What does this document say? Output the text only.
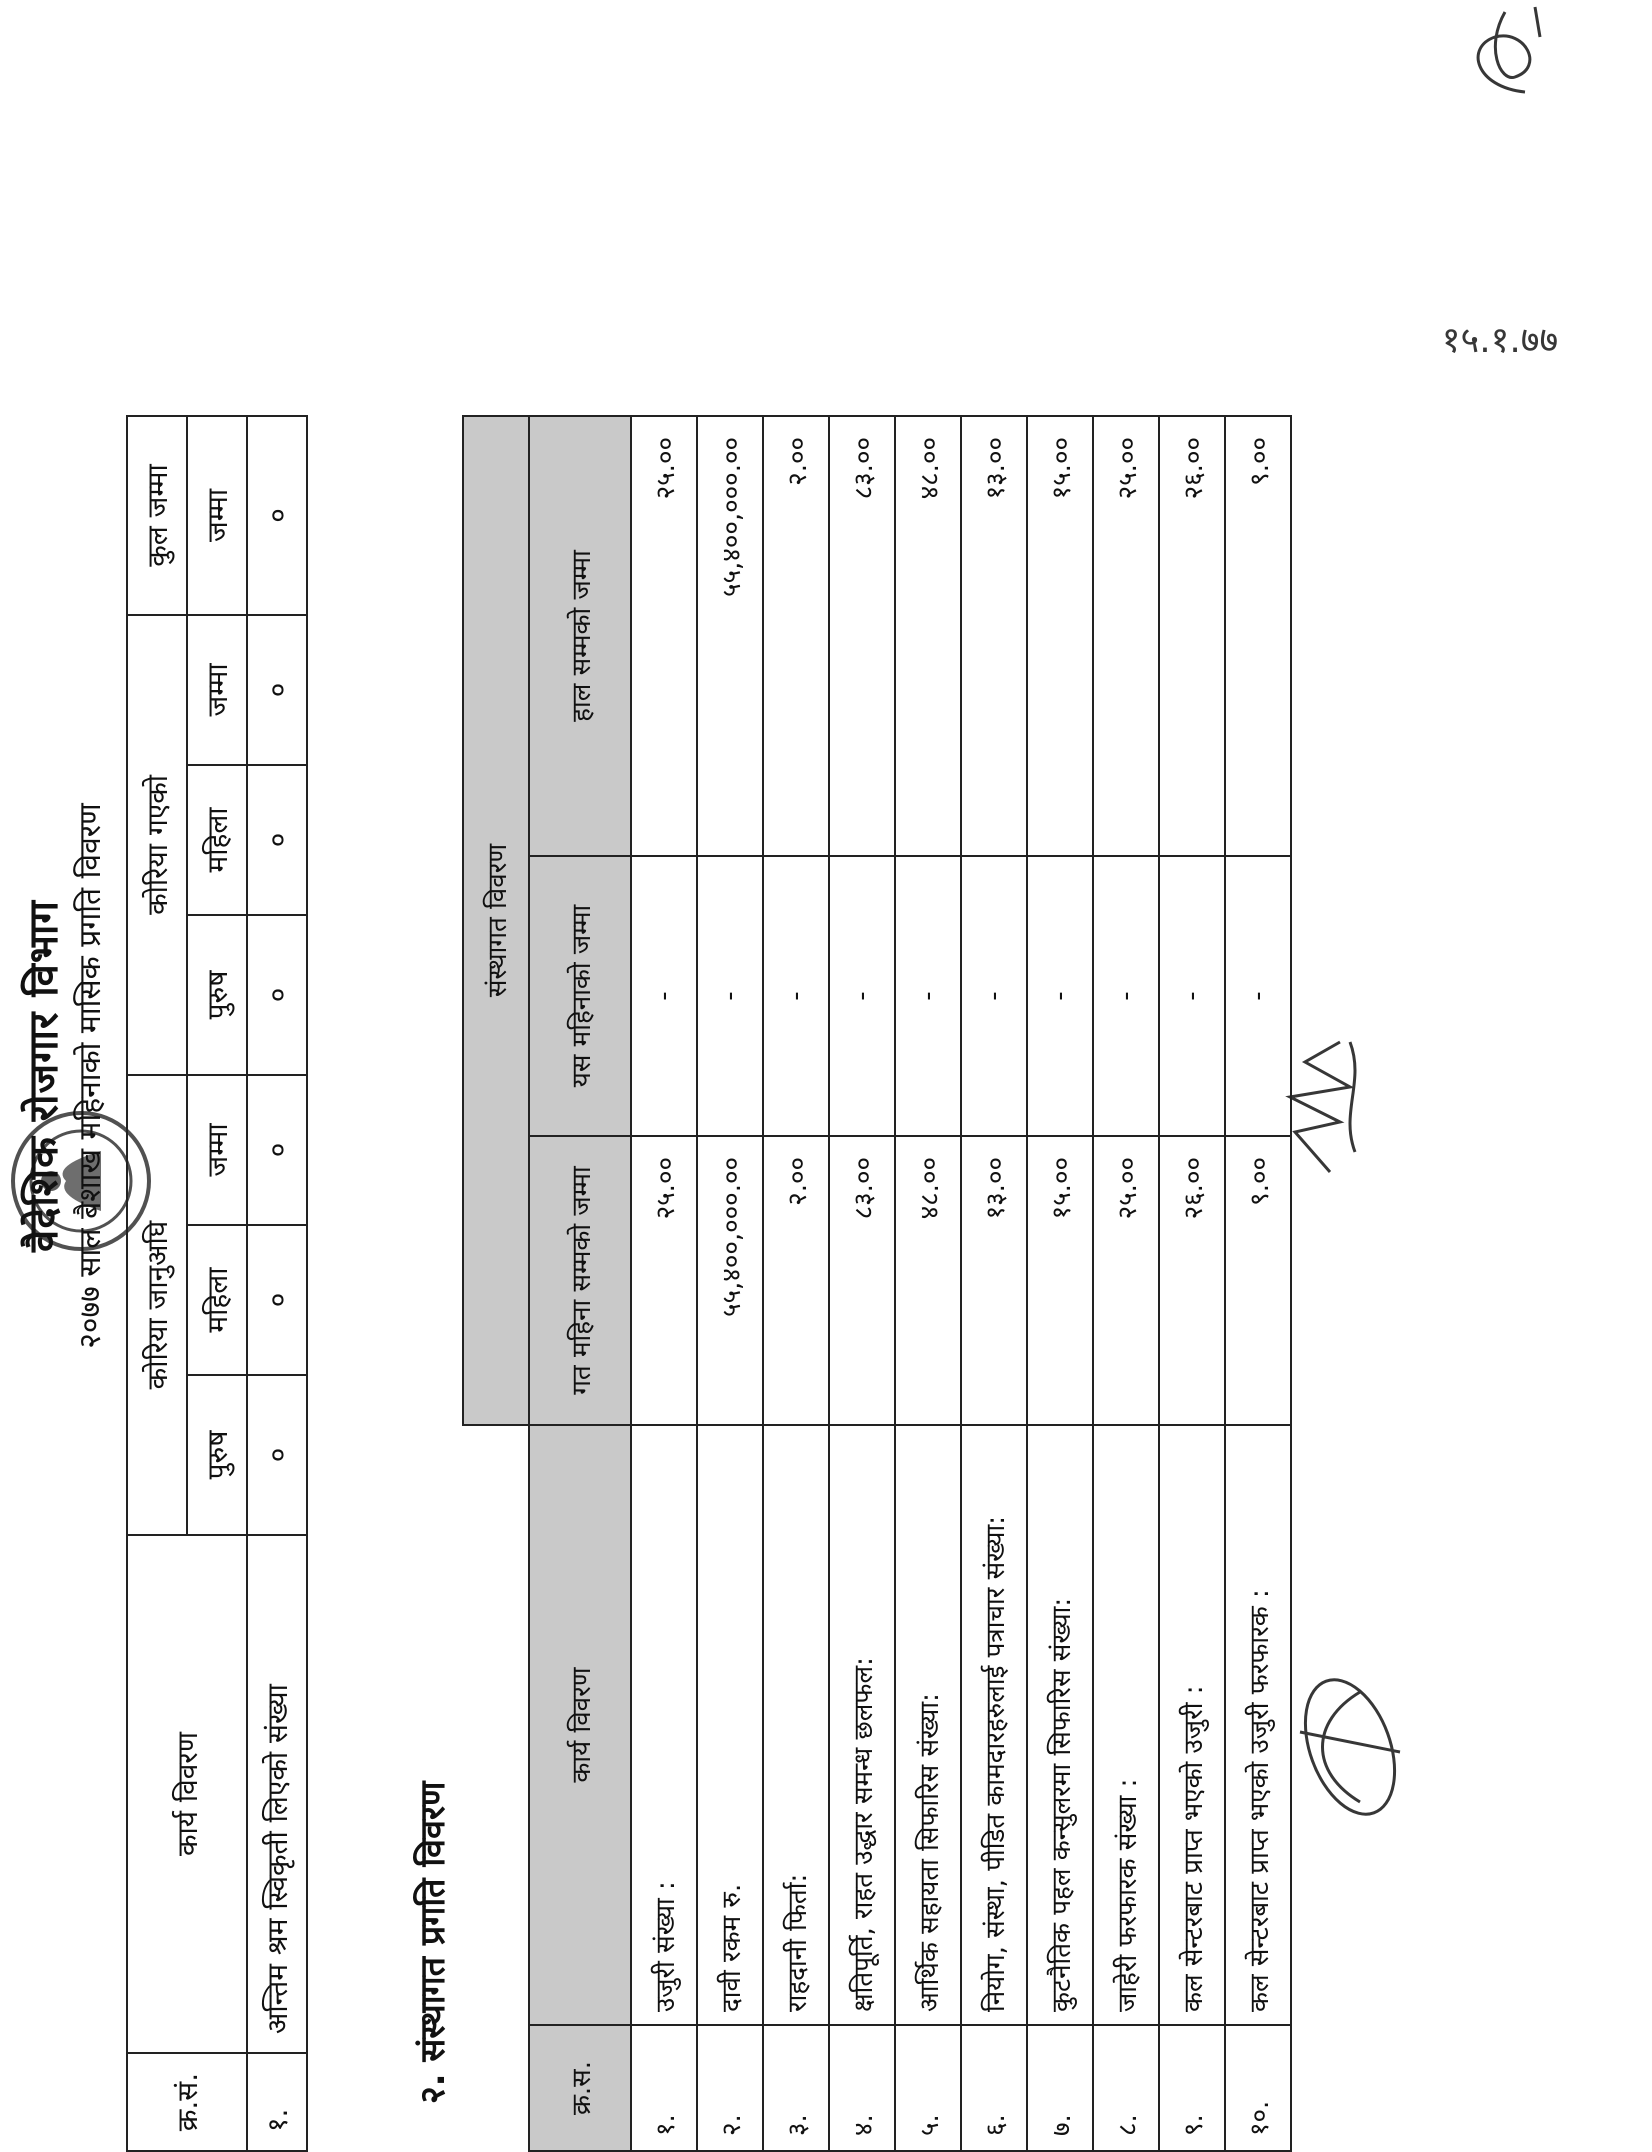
वैदेशिक रोजगार विभाग २०७७ साल बैशाख महिनाको मासिक प्रगति विवरण
क्र.सं.	कार्य विवरण	कोरिया जानुअघि			कोरिया गएको			कुल जम्मा
		पुरुष	महिला	जम्मा	पुरुष	महिला	जम्मा	जम्मा
१.	अन्तिम श्रम स्विकृती लिएको संख्या	०	०	०	०	०	०	०
२. संस्थागत प्रगति विवरण
		संस्थागत विवरण		
क्र.स.	कार्य विवरण	गत महिना सम्मको जम्मा	यस महिनाको जम्मा	हाल सम्मको जम्मा
१.	उजुरी संख्या :	२५.००	-	२५.००
२.	दावी रकम रु.	५५,४००,०००.००	-	५५,४००,०००.००
३.	राहदानी फिर्ता:	२.००	-	२.००
४.	क्षतिपूर्ति, राहत उद्धार समन्ध छलफल:	८३.००	-	८३.००
५.	आर्थिक सहायता सिफारिस संख्या:	४८.००	-	४८.००
६.	नियोग, संस्था, पीडित कामदारहरुलाई पत्राचार संख्या:	१३.००	-	१३.००
७.	कुटनैतिक पहल कन्सुलरमा सिफारिस संख्या:	१५.००	-	१५.००
८.	जाहेरी फरफारक संख्या :	२५.००	-	२५.००
९.	कल सेन्टरबाट प्राप्त भएको उजुरी :	२६.००	-	२६.००
१०.	कल सेन्टरबाट प्राप्त भएको उजुरी फरफारक :	९.००	-	९.००
१५.१.७७
